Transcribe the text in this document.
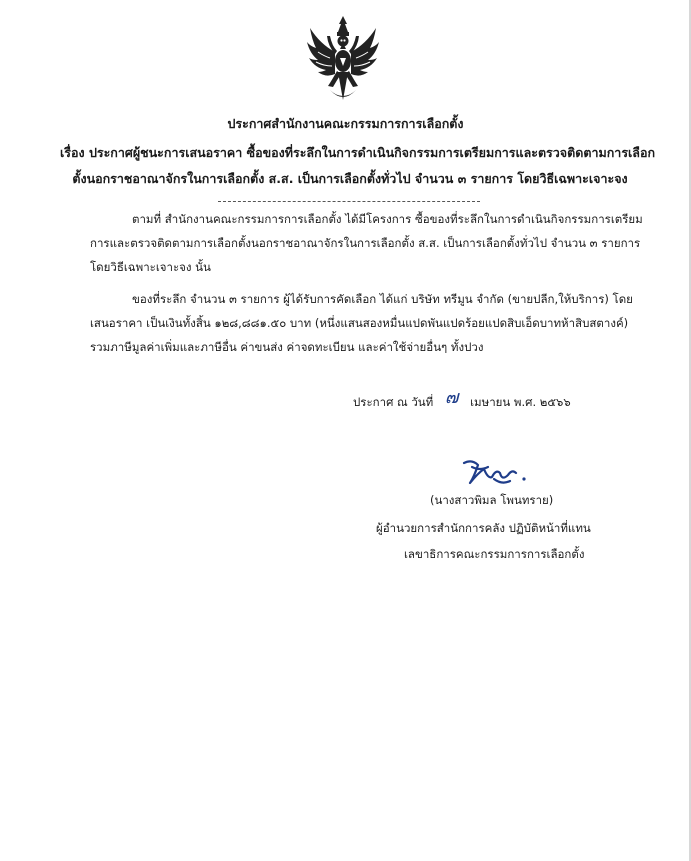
ประกาศสำนักงานคณะกรรมการการเลือกตั้ง
เรื่อง ประกาศผู้ชนะการเสนอราคา ซื้อของที่ระลึกในการดำเนินกิจกรรมการเตรียมการและตรวจติดตามการเลือก
ตั้งนอกราชอาณาจักรในการเลือกตั้ง ส.ส. เป็นการเลือกตั้งทั่วไป จำนวน ๓ รายการ โดยวิธีเฉพาะเจาะจง
ตามที่ สำนักงานคณะกรรมการการเลือกตั้ง ได้มีโครงการ ซื้อของที่ระลึกในการดำเนินกิจกรรมการเตรียม
การและตรวจติดตามการเลือกตั้งนอกราชอาณาจักรในการเลือกตั้ง ส.ส. เป็นการเลือกตั้งทั่วไป จำนวน ๓ รายการ
โดยวิธีเฉพาะเจาะจง นั้น
ของที่ระลึก จำนวน ๓ รายการ ผู้ได้รับการคัดเลือก ได้แก่ บริษัท ทรีมูน จำกัด (ขายปลีก,ให้บริการ) โดย
เสนอราคา เป็นเงินทั้งสิ้น ๑๒๘,๘๘๑.๕๐ บาท (หนึ่งแสนสองหมื่นแปดพันแปดร้อยแปดสิบเอ็ดบาทห้าสิบสตางค์)
รวมภาษีมูลค่าเพิ่มและภาษีอื่น ค่าขนส่ง ค่าจดทะเบียน และค่าใช้จ่ายอื่นๆ ทั้งปวง
ประกาศ ณ วันที่ ๗ เมษายน พ.ศ. ๒๕๖๖
(นางสาวพิมล โพนทราย)
ผู้อำนวยการสำนักการคลัง ปฏิบัติหน้าที่แทน
เลขาธิการคณะกรรมการการเลือกตั้ง
